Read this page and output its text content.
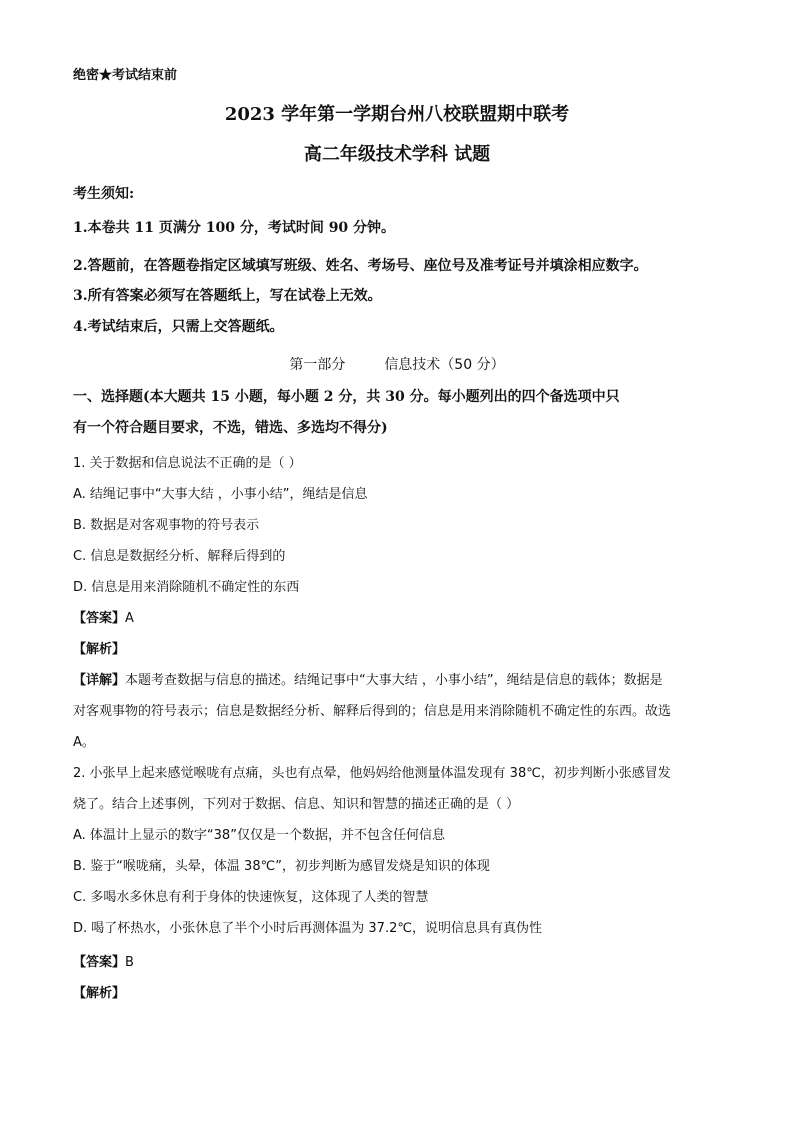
绝密★考试结束前
2023 学年第一学期台州八校联盟期中联考
高二年级技术学科 试题
考生须知:
1.本卷共 11 页满分 100 分，考试时间 90 分钟。
2.答题前，在答题卷指定区域填写班级、姓名、考场号、座位号及准考证号并填涂相应数字。
3.所有答案必须写在答题纸上，写在试卷上无效。
4.考试结束后，只需上交答题纸。
第一部分	信息技术（50 分）
一、选择题(本大题共 15 小题，每小题 2 分，共 30 分。每小题列出的四个备选项中只
有一个符合题目要求，不选，错选、多选均不得分)
1. 关于数据和信息说法不正确的是（ ）
A. 结绳记事中“大事大结 ，小事小结”，绳结是信息
B. 数据是对客观事物的符号表示
C. 信息是数据经分析、解释后得到的
D. 信息是用来消除随机不确定性的东西
【答案】A
【解析】
【详解】本题考查数据与信息的描述。结绳记事中“大事大结 ，小事小结”，绳结是信息的载体；数据是
对客观事物的符号表示；信息是数据经分析、解释后得到的；信息是用来消除随机不确定性的东西。故选
A。
2. 小张早上起来感觉喉咙有点痛，头也有点晕，他妈妈给他测量体温发现有 38℃，初步判断小张感冒发
烧了。结合上述事例，下列对于数据、信息、知识和智慧的描述正确的是（ ）
A. 体温计上显示的数字“38”仅仅是一个数据，并不包含任何信息
B. 鉴于“喉咙痛，头晕，体温 38℃”，初步判断为感冒发烧是知识的体现
C. 多喝水多休息有利于身体的快速恢复，这体现了人类的智慧
D. 喝了杯热水，小张休息了半个小时后再测体温为 37.2℃，说明信息具有真伪性
【答案】B
【解析】
